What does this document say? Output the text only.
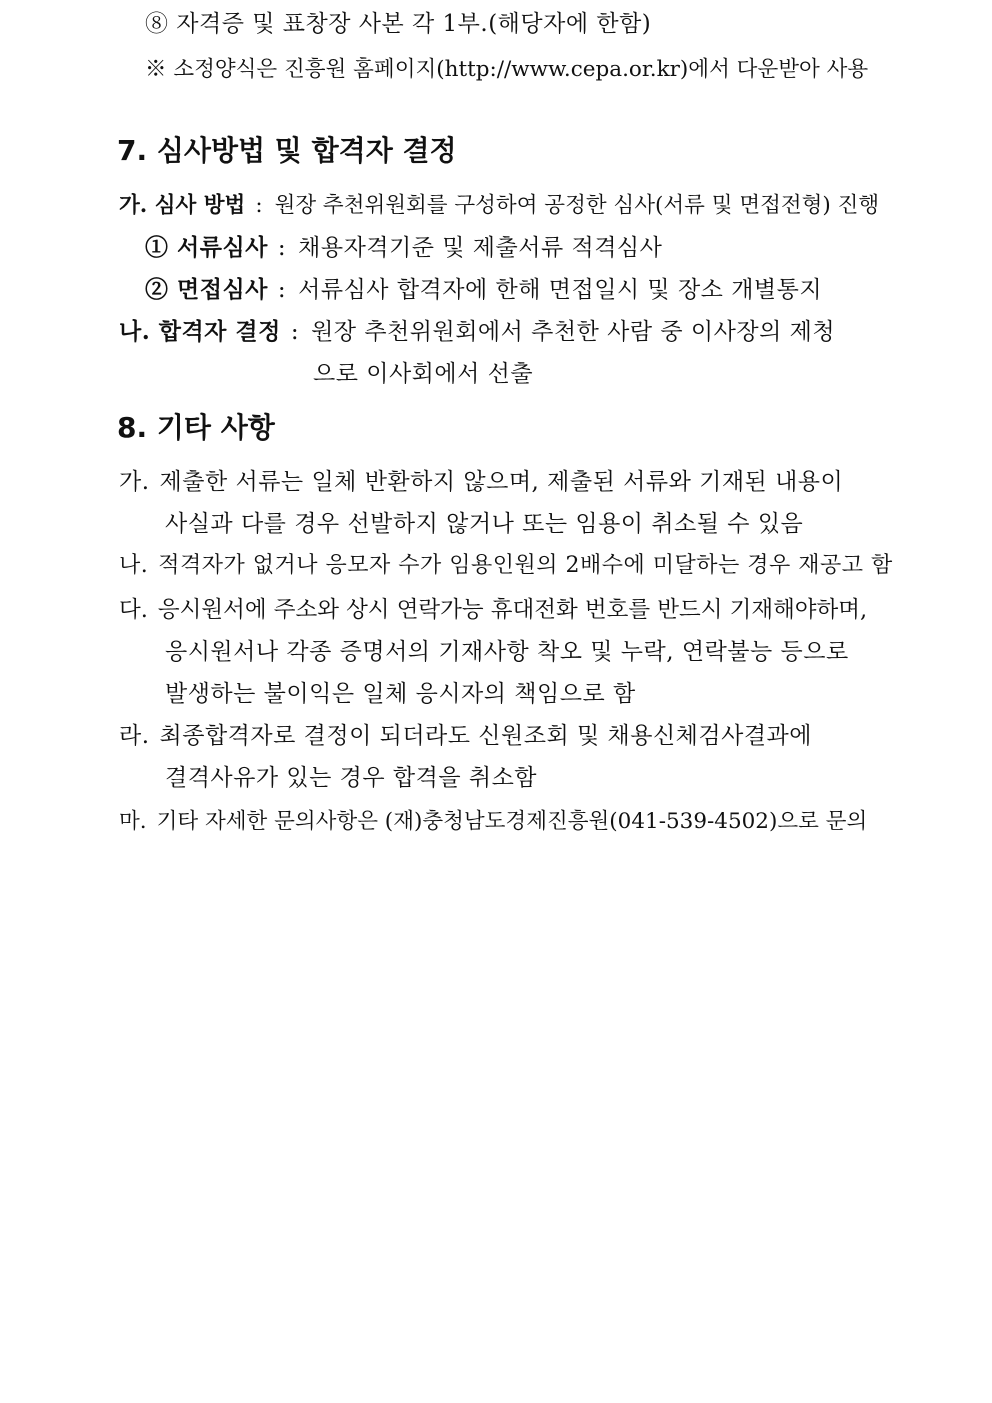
⑧ 자격증 및 표창장 사본 각 1부.(해당자에 한함)
※ 소정양식은 진흥원 홈페이지(http://www.cepa.or.kr)에서 다운받아 사용
7. 심사방법 및 합격자 결정
가. 심사 방법 : 원장 추천위원회를 구성하여 공정한 심사(서류 및 면접전형) 진행
① 서류심사 : 채용자격기준 및 제출서류 적격심사
② 면접심사 : 서류심사 합격자에 한해 면접일시 및 장소 개별통지
나. 합격자 결정 : 원장 추천위원회에서 추천한 사람 중 이사장의 제청
으로 이사회에서 선출
8. 기타 사항
가. 제출한 서류는 일체 반환하지 않으며, 제출된 서류와 기재된 내용이
사실과 다를 경우 선발하지 않거나 또는 임용이 취소될 수 있음
나. 적격자가 없거나 응모자 수가 임용인원의 2배수에 미달하는 경우 재공고 함
다. 응시원서에 주소와 상시 연락가능 휴대전화 번호를 반드시 기재해야하며,
응시원서나 각종 증명서의 기재사항 착오 및 누락, 연락불능 등으로
발생하는 불이익은 일체 응시자의 책임으로 함
라. 최종합격자로 결정이 되더라도 신원조회 및 채용신체검사결과에
결격사유가 있는 경우 합격을 취소함
마. 기타 자세한 문의사항은 (재)충청남도경제진흥원(041-539-4502)으로 문의
